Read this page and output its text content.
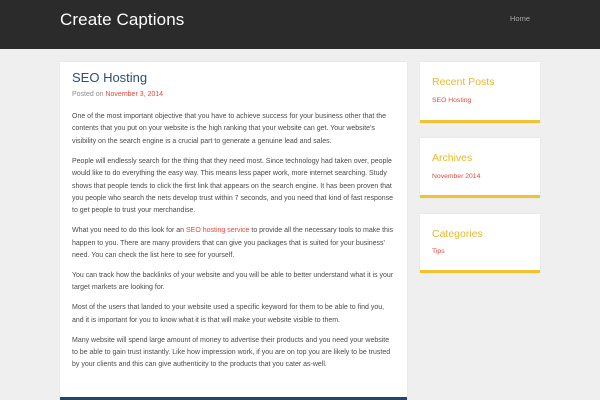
Create Captions	Home
SEO Hosting
Posted on November 3, 2014

One of the most important objective that you have to achieve success for your business other that the contents that you put on your website is the high ranking that your website can get. Your website's visibility on the search engine is a crucial part to generate a genuine lead and sales.

People will endlessly search for the thing that they need most. Since technology had taken over, people would like to do everything the easy way. This means less paper work, more internet searching. Study shows that people tends to click the first link that appears on the search engine. It has been proven that you people who search the nets develop trust within 7 seconds, and you need that kind of fast response to get people to trust your merchandise.

What you need to do this look for an SEO hosting service to provide all the necessary tools to make this happen to you. There are many providers that can give you packages that is suited for your business' need. You can check the list here to see for yourself.

You can track how the backlinks of your website and you will be able to better understand what it is your target markets are looking for.

Most of the users that landed to your website used a specific keyword for them to be able to find you, and it is important for you to know what it is that will make your website visible to them.

Many website will spend large amount of money to advertise their products and you need your website to be able to gain trust instantly. Like how impression work, if you are on top you are likely to be trusted by your clients and this can give authenticity to the products that you cater as-well.

Recent Posts
SEO Hosting
Archives
November 2014
Categories
Tips
